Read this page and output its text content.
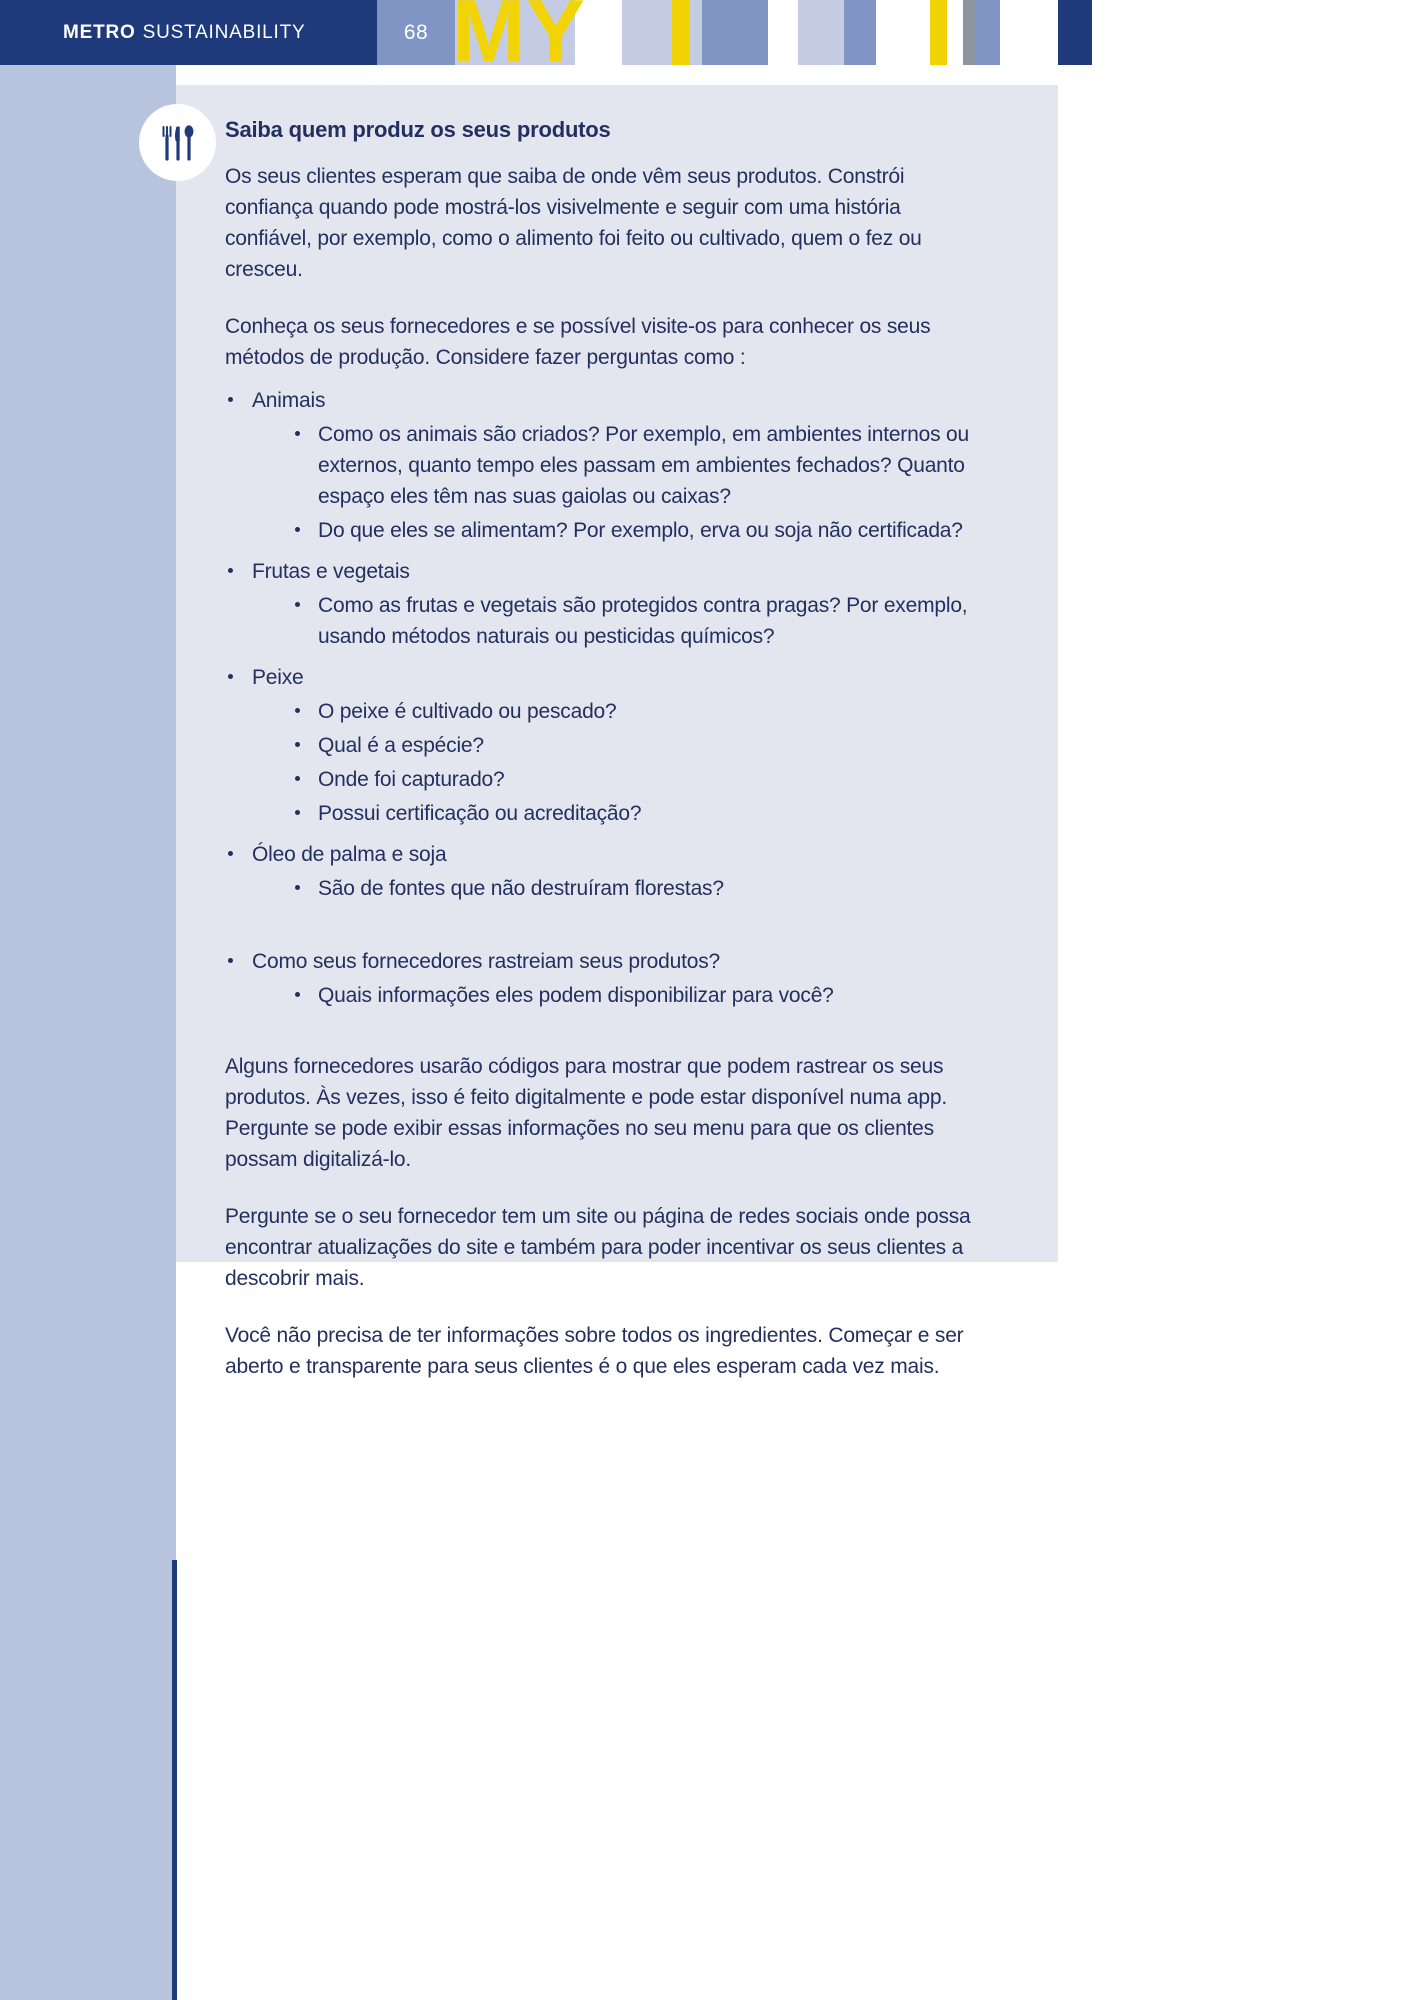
METRO SUSTAINABILITY	68 MY
Saiba quem produz os seus produtos

Os seus clientes esperam que saiba de onde vêm seus produtos. Constrói confiança quando pode mostrá-los visivelmente e seguir com uma história confiável, por exemplo, como o alimento foi feito ou cultivado, quem o fez ou cresceu.

Conheça os seus fornecedores e se possível visite-os para conhecer os seus métodos de produção. Considere fazer perguntas como :

Animais
Como os animais são criados? Por exemplo, em ambientes internos ou externos, quanto tempo eles passam em ambientes fechados? Quanto espaço eles têm nas suas gaiolas ou caixas?
Do que eles se alimentam? Por exemplo, erva ou soja não certificada?
Frutas e vegetais
Como as frutas e vegetais são protegidos contra pragas? Por exemplo, usando métodos naturais ou pesticidas químicos?
Peixe
O peixe é cultivado ou pescado?
Qual é a espécie?
Onde foi capturado?
Possui certificação ou acreditação?
Óleo de palma e soja
São de fontes que não destruíram florestas?
Como seus fornecedores rastreiam seus produtos?
Quais informações eles podem disponibilizar para você?

Alguns fornecedores usarão códigos para mostrar que podem rastrear os seus produtos. Às vezes, isso é feito digitalmente e pode estar disponível numa app. Pergunte se pode exibir essas informações no seu menu para que os clientes possam digitalizá-lo.

Pergunte se o seu fornecedor tem um site ou página de redes sociais onde possa encontrar atualizações do site e também para poder incentivar os seus clientes a descobrir mais.

Você não precisa de ter informações sobre todos os ingredientes. Começar e ser aberto e transparente para seus clientes é o que eles esperam cada vez mais.
